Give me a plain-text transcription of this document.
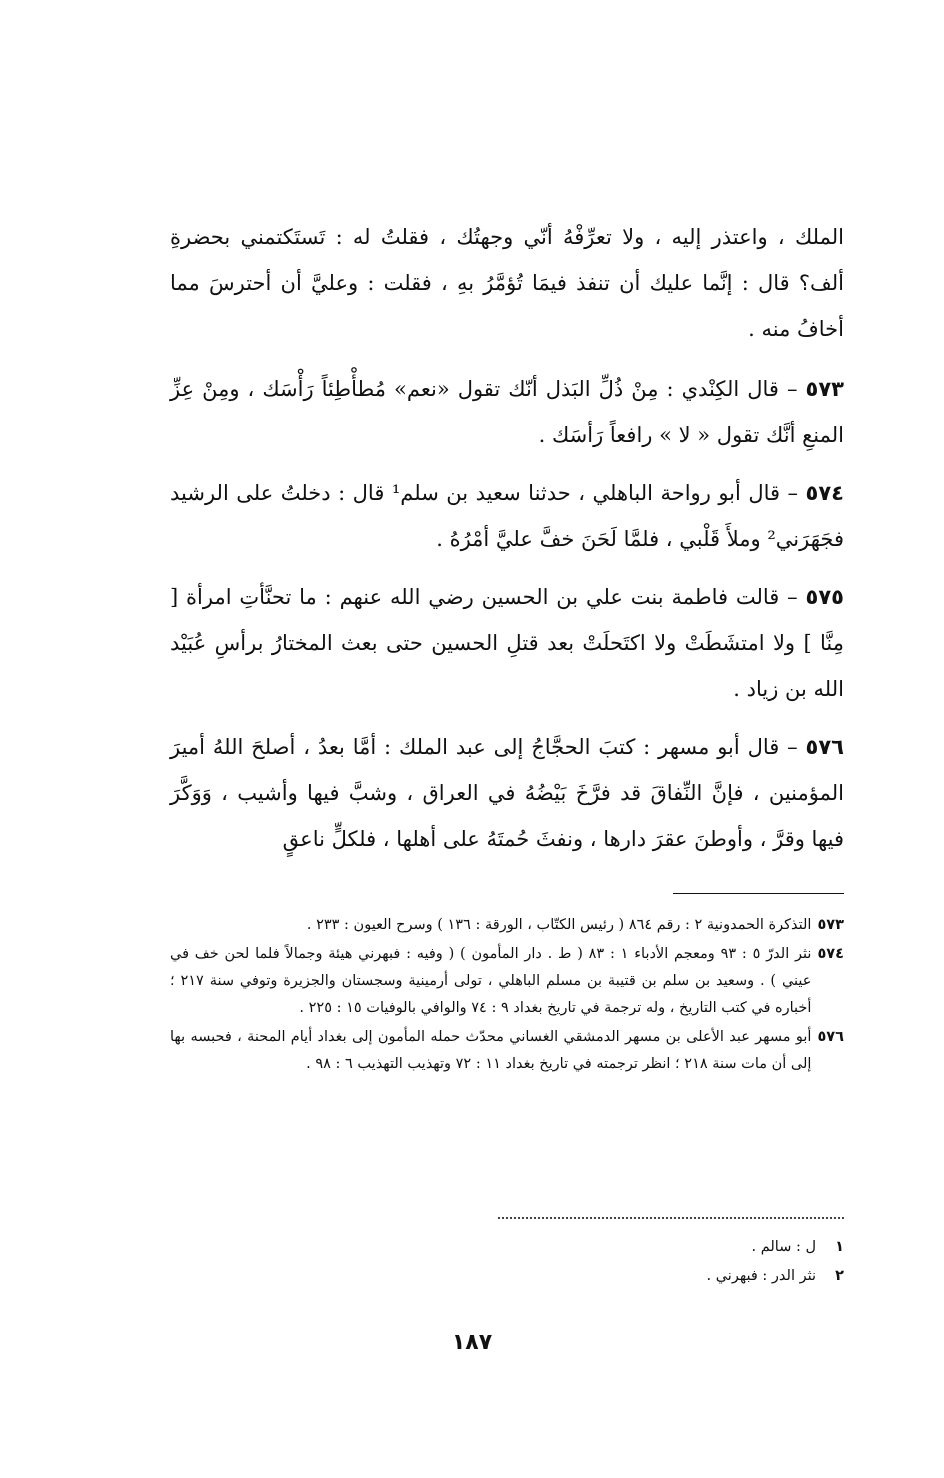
الملك ، واعتذر إليه ، ولا تعرِّفْهُ أنّي وجهتُك ، فقلتُ له : تَستَكتمني بحضرةِ ألف؟ قال : إنَّما عليك أن تنفذ فيمَا تُؤمَّرُ بهِ ، فقلت : وعليَّ أن أحترسَ مما أخافُ منه .

٥٧٣ – قال الكِنْدي : مِنْ ذُلِّ البَذل أنّك تقول «نعم» مُطأْطِئاً رَأْسَك ، ومِنْ عِزِّ المنعِ أنَّك تقول « لا » رافعاً رَأسَك .

٥٧٤ – قال أبو رواحة الباهلي ، حدثنا سعيد بن سلم¹ قال : دخلتُ على الرشيد فجَهَرَني² وملأَ قَلْبي ، فلمَّا لَحَنَ خفَّ عليَّ أمْرُهُ .

٥٧٥ – قالت فاطمة بنت علي بن الحسين رضي الله عنهم : ما تحنَّأتِ امرأة [ مِنَّا ] ولا امتشَطَتْ ولا اكتَحلَتْ بعد قتلِ الحسين حتى بعث المختارُ برأسِ عُبَيْد الله بن زياد .

٥٧٦ – قال أبو مسهر : كتبَ الحجَّاجُ إلى عبد الملك : أمَّا بعدُ ، أصلحَ اللهُ أميرَ المؤمنين ، فإنَّ النِّفاقَ قد فرَّخَ بَيْضُهُ في العراق ، وشبَّ فيها وأشيب ، وَوَكَّرَ فيها وقرَّ ، وأوطنَ عقرَ دارها ، ونفثَ حُمتَهُ على أهلها ، فلكلٍّ ناعقٍ

٥٧٣
التذكرة الحمدونية ٢ : رقم ٨٦٤ ( رئيس الكتّاب ، الورقة : ١٣٦ ) وسرح العيون : ٢٣٣ .
٥٧٤
نثر الدرّ ٥ : ٩٣ ومعجم الأدباء ١ : ٨٣ ( ط . دار المأمون ) ( وفيه : فبهرني هيئة وجمالاً فلما لحن خف في عيني ) . وسعيد بن سلم بن قتيبة بن مسلم الباهلي ، تولى أرمينية وسجستان والجزيرة وتوفي سنة ٢١٧ ؛ أخباره في كتب التاريخ ، وله ترجمة في تاريخ بغداد ٩ : ٧٤ والوافي بالوفيات ١٥ : ٢٢٥ .
٥٧٦
أبو مسهر عبد الأعلى بن مسهر الدمشقي الغساني محدّث حمله المأمون إلى بغداد أيام المحنة ، فحبسه بها إلى أن مات سنة ٢١٨ ؛ انظر ترجمته في تاريخ بغداد ١١ : ٧٢ وتهذيب التهذيب ٦ : ٩٨ .
١
ل : سالم .
٢
نثر الدر : فبهرني .
١٨٧
